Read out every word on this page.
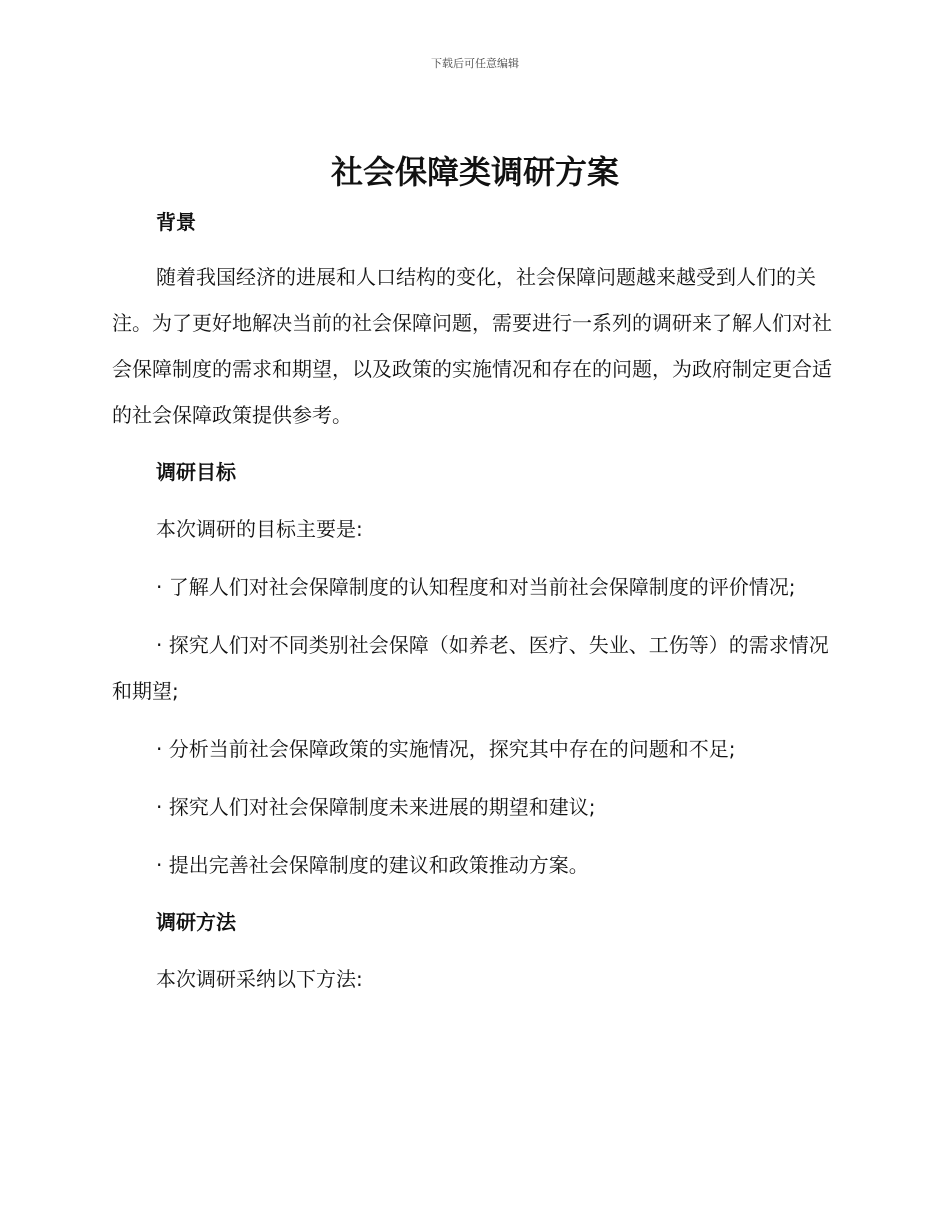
下载后可任意编辑
社会保障类调研方案
背景

随着我国经济的进展和人口结构的变化，社会保障问题越来越受到人们的关注。为了更好地解决当前的社会保障问题，需要进行一系列的调研来了解人们对社会保障制度的需求和期望，以及政策的实施情况和存在的问题，为政府制定更合适的社会保障政策提供参考。

调研目标

本次调研的目标主要是:

· 了解人们对社会保障制度的认知程度和对当前社会保障制度的评价情况;

· 探究人们对不同类别社会保障（如养老、医疗、失业、工伤等）的需求情况和期望;

· 分析当前社会保障政策的实施情况，探究其中存在的问题和不足;

· 探究人们对社会保障制度未来进展的期望和建议;

· 提出完善社会保障制度的建议和政策推动方案。

调研方法

本次调研采纳以下方法:
